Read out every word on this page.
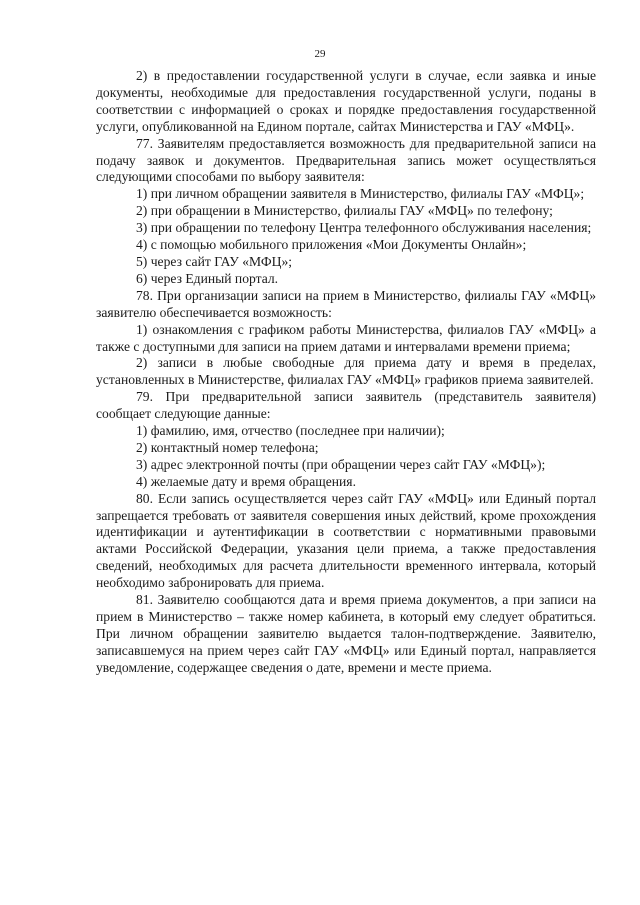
29

2) в предоставлении государственной услуги в случае, если заявка и иные документы, необходимые для предоставления государственной услуги, поданы в соответствии с информацией о сроках и порядке предоставления государственной услуги, опубликованной на Едином портале, сайтах Министерства и ГАУ «МФЦ».

77. Заявителям предоставляется возможность для предварительной записи на подачу заявок и документов. Предварительная запись может осуществляться следующими способами по выбору заявителя:

1) при личном обращении заявителя в Министерство, филиалы ГАУ «МФЦ»;

2) при обращении в Министерство, филиалы ГАУ «МФЦ» по телефону;

3) при обращении по телефону Центра телефонного обслуживания населения;

4) с помощью мобильного приложения «Мои Документы Онлайн»;

5) через сайт ГАУ «МФЦ»;

6) через Единый портал.

78. При организации записи на прием в Министерство, филиалы ГАУ «МФЦ» заявителю обеспечивается возможность:

1) ознакомления с графиком работы Министерства, филиалов ГАУ «МФЦ» а также с доступными для записи на прием датами и интервалами времени приема;

2) записи в любые свободные для приема дату и время в пределах, установленных в Министерстве, филиалах ГАУ «МФЦ» графиков приема заявителей.

79. При предварительной записи заявитель (представитель заявителя) сообщает следующие данные:

1) фамилию, имя, отчество (последнее при наличии);

2) контактный номер телефона;

3) адрес электронной почты (при обращении через сайт ГАУ «МФЦ»);

4) желаемые дату и время обращения.

80. Если запись осуществляется через сайт ГАУ «МФЦ» или Единый портал запрещается требовать от заявителя совершения иных действий, кроме прохождения идентификации и аутентификации в соответствии с нормативными правовыми актами Российской Федерации, указания цели приема, а также предоставления сведений, необходимых для расчета длительности временного интервала, который необходимо забронировать для приема.

81. Заявителю сообщаются дата и время приема документов, а при записи на прием в Министерство – также номер кабинета, в который ему следует обратиться. При личном обращении заявителю выдается талон-подтверждение. Заявителю, записавшемуся на прием через сайт ГАУ «МФЦ» или Единый портал, направляется уведомление, содержащее сведения о дате, времени и месте приема.
